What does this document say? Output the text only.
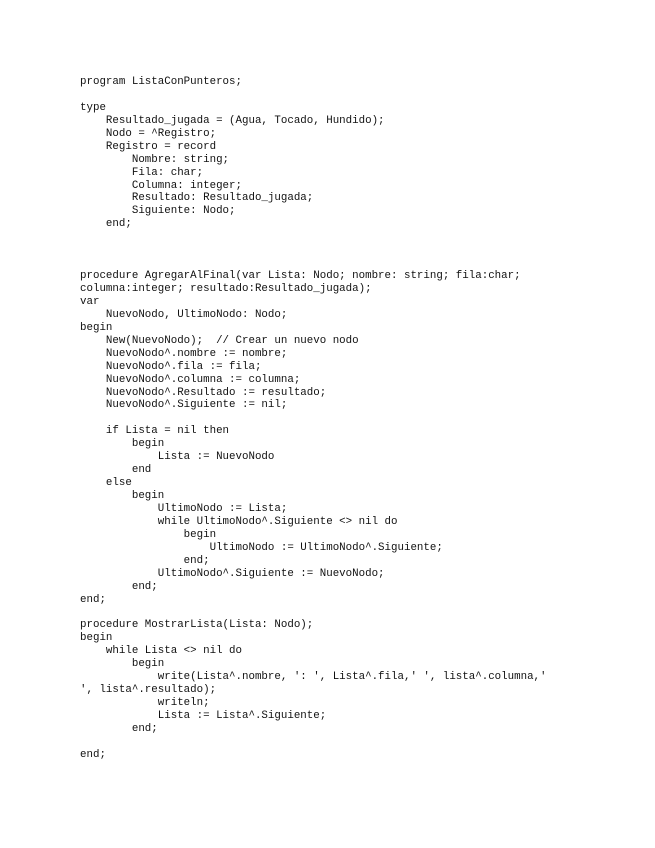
program ListaConPunteros;
type
Resultado_jugada = (Agua, Tocado, Hundido);
Nodo = ^Registro;
Registro = record
Nombre: string;
Fila: char;
Columna: integer;
Resultado: Resultado_jugada;
Siguiente: Nodo;
end;
procedure AgregarAlFinal(var Lista: Nodo; nombre: string; fila:char;
columna:integer; resultado:Resultado_jugada);
var
NuevoNodo, UltimoNodo: Nodo;
begin
New(NuevoNodo);  // Crear un nuevo nodo
NuevoNodo^.nombre := nombre;
NuevoNodo^.fila := fila;
NuevoNodo^.columna := columna;
NuevoNodo^.Resultado := resultado;
NuevoNodo^.Siguiente := nil;
if Lista = nil then
begin
Lista := NuevoNodo
end
else
begin
UltimoNodo := Lista;
while UltimoNodo^.Siguiente <> nil do
begin
UltimoNodo := UltimoNodo^.Siguiente;
end;
UltimoNodo^.Siguiente := NuevoNodo;
end;
end;
procedure MostrarLista(Lista: Nodo);
begin
while Lista <> nil do
begin
write(Lista^.nombre, ': ', Lista^.fila,' ', lista^.columna,'
', lista^.resultado);
writeln;
Lista := Lista^.Siguiente;
end;
end;
